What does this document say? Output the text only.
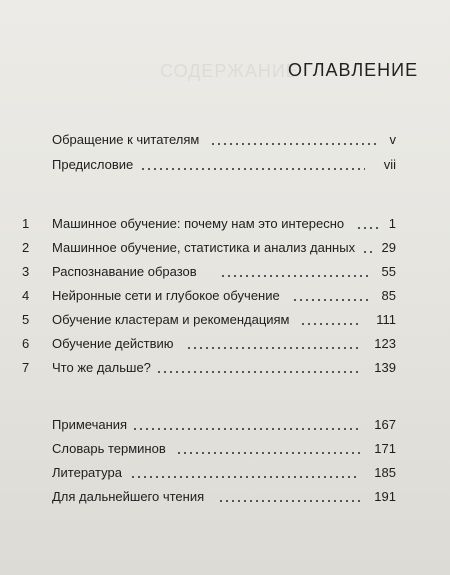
СОДЕРЖАНИЕ
ОГЛАВЛЕНИЕ
Обращение к читателям	v
Предисловие	vii
1	Машинное обучение: почему нам это интересно	1
2	Машинное обучение, статистика и анализ данных 29
3	Распознавание образов	55
4	Нейронные сети и глубокое обучение	85
5	Обучение кластерам и рекомендациям	111
6	Обучение действию	123
7	Что же дальше?	139
Примечания	167
Словарь терминов	171
Литература	185
Для дальнейшего чтения	191
